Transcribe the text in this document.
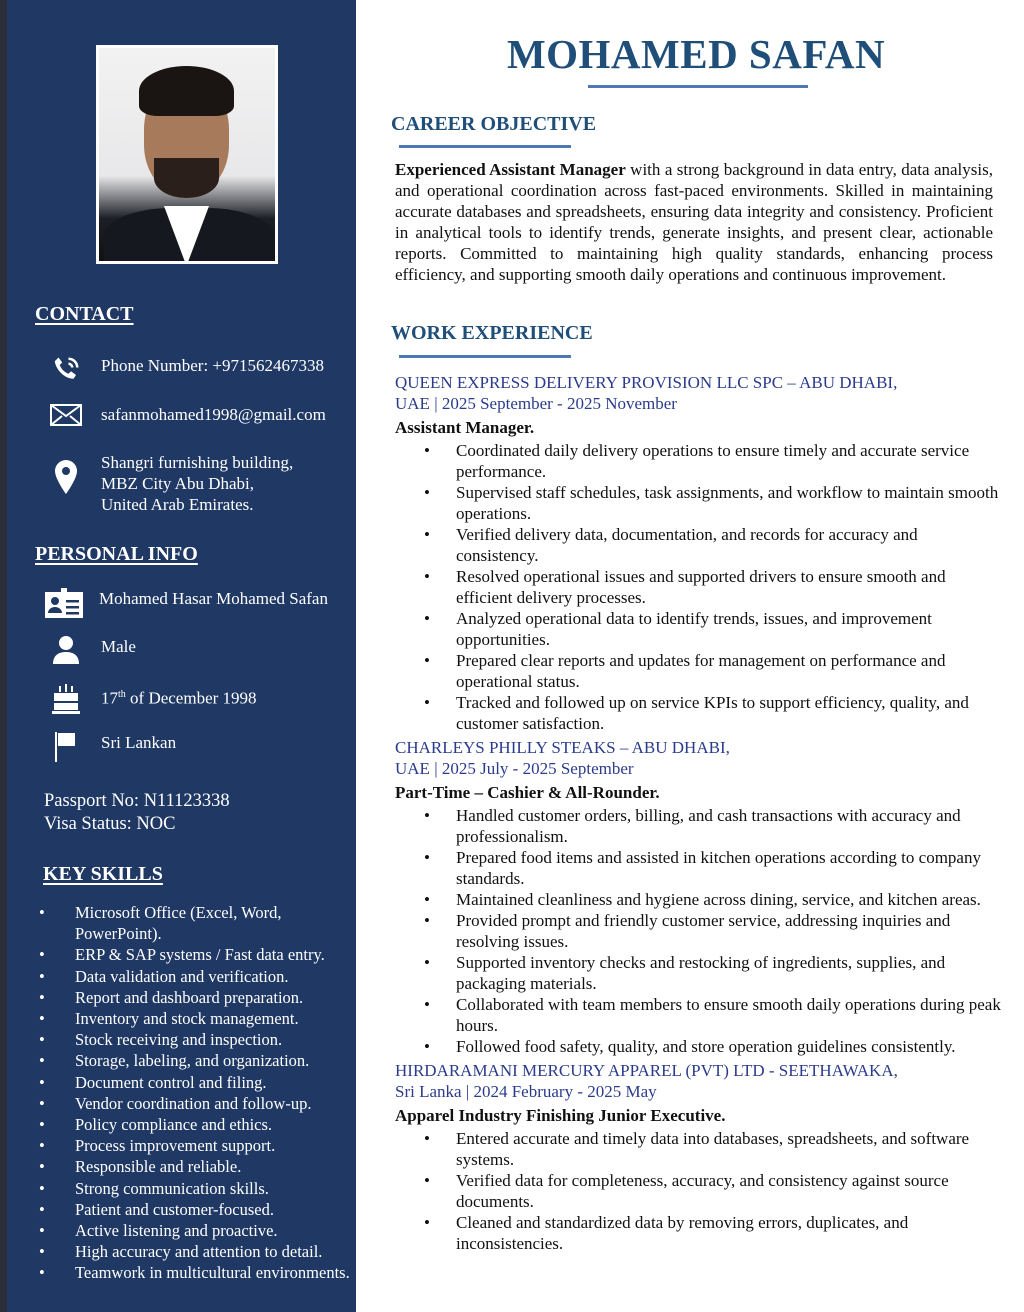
CONTACT
Phone Number: +971562467338
safanmohamed1998@gmail.com
Shangri furnishing building,
MBZ City Abu Dhabi,
United Arab Emirates.
PERSONAL INFO
Mohamed Hasar Mohamed Safan
Male
17th of December 1998
Sri Lankan
Passport No: N11123338
Visa Status: NOC
KEY SKILLS
• Microsoft Office (Excel, Word, PowerPoint).
• ERP & SAP systems / Fast data entry.
• Data validation and verification.
• Report and dashboard preparation.
• Inventory and stock management.
• Stock receiving and inspection.
• Storage, labeling, and organization.
• Document control and filing.
• Vendor coordination and follow-up.
• Policy compliance and ethics.
• Process improvement support.
• Responsible and reliable.
• Strong communication skills.
• Patient and customer-focused.
• Active listening and proactive.
• High accuracy and attention to detail.
• Teamwork in multicultural environments.
MOHAMED SAFAN
CAREER OBJECTIVE

Experienced Assistant Manager with a strong background in data entry, data analysis, and operational coordination across fast-paced environments. Skilled in maintaining accurate databases and spreadsheets, ensuring data integrity and consistency. Proficient in analytical tools to identify trends, generate insights, and present clear, actionable reports. Committed to maintaining high quality standards, enhancing process efficiency, and supporting smooth daily operations and continuous improvement.

WORK EXPERIENCE
QUEEN EXPRESS DELIVERY PROVISION LLC SPC – ABU DHABI,
UAE | 2025 September - 2025 November
Assistant Manager.
• Coordinated daily delivery operations to ensure timely and accurate service performance.
• Supervised staff schedules, task assignments, and workflow to maintain smooth operations.
• Verified delivery data, documentation, and records for accuracy and consistency.
• Resolved operational issues and supported drivers to ensure smooth and efficient delivery processes.
• Analyzed operational data to identify trends, issues, and improvement opportunities.
• Prepared clear reports and updates for management on performance and operational status.
• Tracked and followed up on service KPIs to support efficiency, quality, and customer satisfaction.
CHARLEYS PHILLY STEAKS – ABU DHABI,
UAE | 2025 July - 2025 September
Part-Time – Cashier & All-Rounder.
• Handled customer orders, billing, and cash transactions with accuracy and professionalism.
• Prepared food items and assisted in kitchen operations according to company standards.
• Maintained cleanliness and hygiene across dining, service, and kitchen areas.
• Provided prompt and friendly customer service, addressing inquiries and resolving issues.
• Supported inventory checks and restocking of ingredients, supplies, and packaging materials.
• Collaborated with team members to ensure smooth daily operations during peak hours.
• Followed food safety, quality, and store operation guidelines consistently.
HIRDARAMANI MERCURY APPAREL (PVT) LTD - SEETHAWAKA,
Sri Lanka | 2024 February - 2025 May
Apparel Industry Finishing Junior Executive.
• Entered accurate and timely data into databases, spreadsheets, and software systems.
• Verified data for completeness, accuracy, and consistency against source documents.
• Cleaned and standardized data by removing errors, duplicates, and inconsistencies.
